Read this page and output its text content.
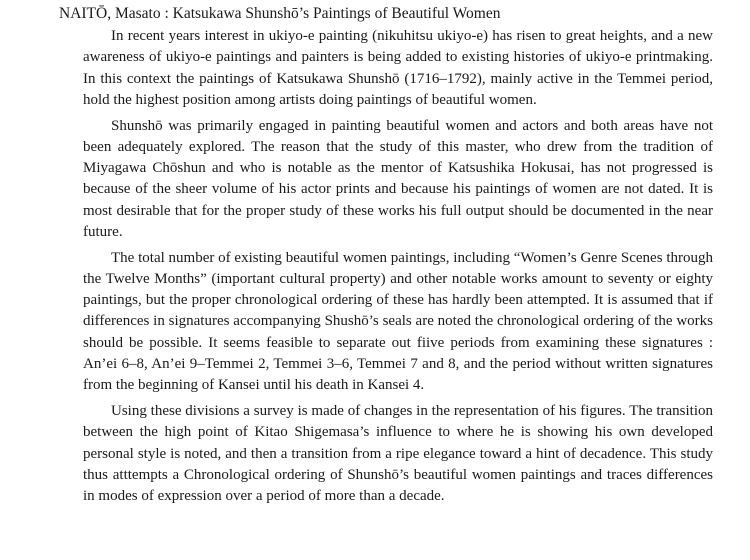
NAITŌ, Masato : Katsukawa Shunshō’s Paintings of Beautiful Women

In recent years interest in ukiyo-e painting (nikuhitsu ukiyo-e) has risen to great heights, and a new awareness of ukiyo-e paintings and painters is being added to existing histories of ukiyo-e printmaking. In this context the paintings of Katsukawa Shunshō (1716–1792), mainly active in the Temmei period, hold the highest position among artists doing paintings of beautiful women.

Shunshō was primarily engaged in painting beautiful women and actors and both areas have not been adequately explored. The reason that the study of this master, who drew from the tradition of Miyagawa Chōshun and who is notable as the mentor of Katsushika Hokusai, has not progressed is because of the sheer volume of his actor prints and because his paintings of women are not dated. It is most desirable that for the proper study of these works his full output should be documented in the near future.

The total number of existing beautiful women paintings, including “Women’s Genre Scenes through the Twelve Months” (important cultural property) and other notable works amount to seventy or eighty paintings, but the proper chronological ordering of these has hardly been attempted. It is assumed that if differences in signatures accompanying Shushō’s seals are noted the chronological ordering of the works should be possible. It seems feasible to separate out fiive periods from examining these signatures : An’ei 6–8, An’ei 9–Temmei 2, Temmei 3–6, Temmei 7 and 8, and the period without written signatures from the beginning of Kansei until his death in Kansei 4.

Using these divisions a survey is made of changes in the representation of his figures. The transition between the high point of Kitao Shigemasa’s influence to where he is showing his own developed personal style is noted, and then a transition from a ripe elegance toward a hint of decadence. This study thus atttempts a Chronological ordering of Shunshō’s beautiful women paintings and traces differences in modes of expression over a period of more than a decade.
